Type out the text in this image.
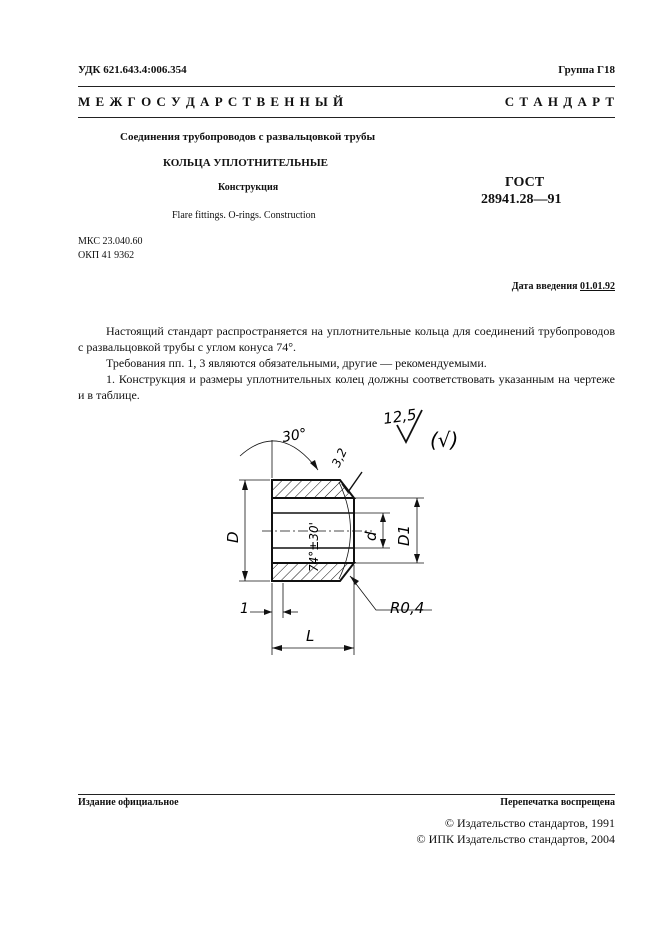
УДК 621.643.4:006.354	Группа Г18
М Е Ж Г О С У Д А Р С Т В Е Н Н Ы Й	С Т А Н Д А Р Т
Соединения трубопроводов с развальцовкой трубы
КОЛЬЦА УПЛОТНИТЕЛЬНЫЕ
Конструкция
Flare fittings. O-rings. Construction
ГОСТ
28941.28—91
МКС 23.040.60
ОКП 41 9362
Дата введения 01.01.92

Настоящий стандарт распространяется на уплотнительные кольца для соединений трубопроводов с развальцовкой трубы с углом конуса 74°.

Требования пп. 1, 3 являются обязательными, другие — рекомендуемыми.

1. Конструкция и размеры уплотнительных колец должны соответствовать указанным на чертеже и в таблице.

12,5
(√)
30°
3,2
74°±30'
D	d D1
R0,4
1
L
Издание официальное	Перепечатка воспрещена
© Издательство стандартов, 1991
© ИПК Издательство стандартов, 2004
